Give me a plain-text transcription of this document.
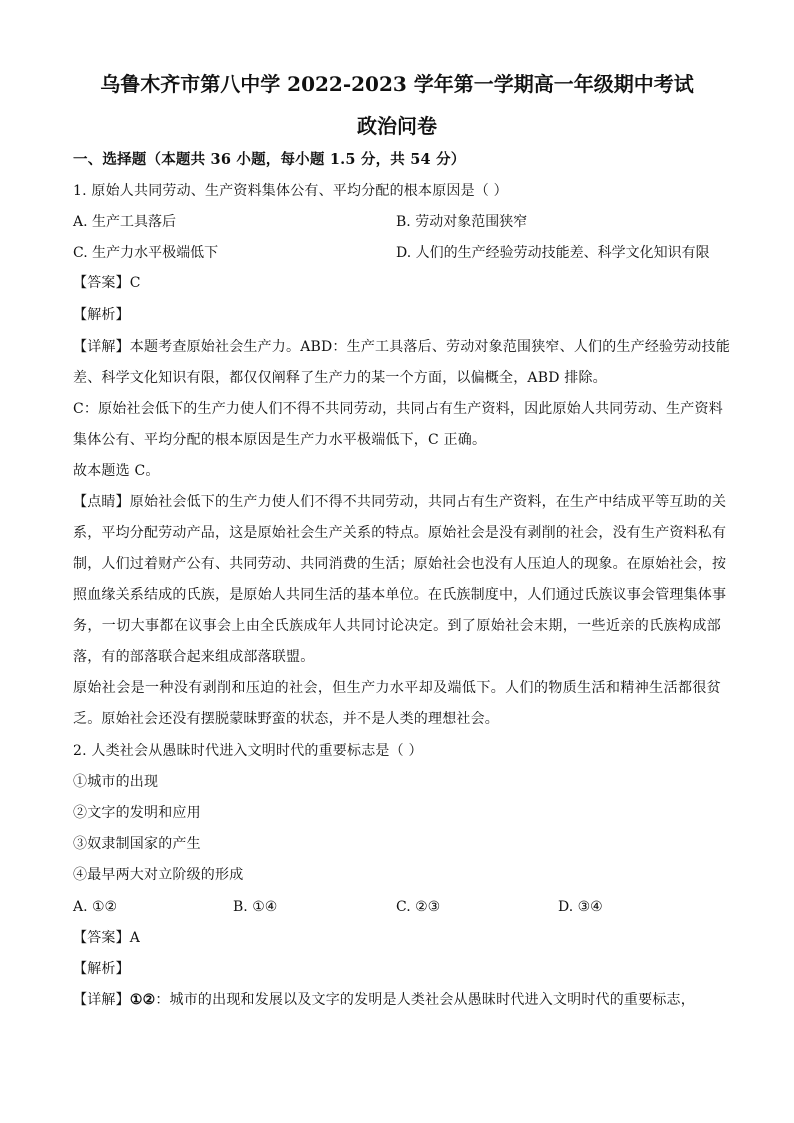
乌鲁木齐市第八中学 2022-2023 学年第一学期高一年级期中考试
政治问卷
一、选择题（本题共 36 小题，每小题 1.5 分，共 54 分）
1. 原始人共同劳动、生产资料集体公有、平均分配的根本原因是（ ）
A. 生产工具落后	B. 劳动对象范围狭窄
C. 生产力水平极端低下	D. 人们的生产经验劳动技能差、科学文化知识有限
【答案】C
【解析】
【详解】本题考查原始社会生产力。ABD：生产工具落后、劳动对象范围狭窄、人们的生产经验劳动技能
差、科学文化知识有限，都仅仅阐释了生产力的某一个方面，以偏概全，ABD 排除。
C：原始社会低下的生产力使人们不得不共同劳动，共同占有生产资料，因此原始人共同劳动、生产资料
集体公有、平均分配的根本原因是生产力水平极端低下，C 正确。
故本题选 C。
【点睛】原始社会低下的生产力使人们不得不共同劳动，共同占有生产资料，在生产中结成平等互助的关
系，平均分配劳动产品，这是原始社会生产关系的特点。原始社会是没有剥削的社会，没有生产资料私有
制，人们过着财产公有、共同劳动、共同消费的生活；原始社会也没有人压迫人的现象。在原始社会，按
照血缘关系结成的氏族，是原始人共同生活的基本单位。在氏族制度中，人们通过氏族议事会管理集体事
务，一切大事都在议事会上由全氏族成年人共同讨论决定。到了原始社会末期，一些近亲的氏族构成部
落，有的部落联合起来组成部落联盟。
原始社会是一种没有剥削和压迫的社会，但生产力水平却及端低下。人们的物质生活和精神生活都很贫
乏。原始社会还没有摆脱蒙昧野蛮的状态，并不是人类的理想社会。
2. 人类社会从愚昧时代进入文明时代的重要标志是（ ）
①城市的出现
②文字的发明和应用
③奴隶制国家的产生
④最早两大对立阶级的形成
A. ①②	B. ①④	C. ②③	D. ③④
【答案】A
【解析】
【详解】①②：城市的出现和发展以及文字的发明是人类社会从愚昧时代进入文明时代的重要标志，
